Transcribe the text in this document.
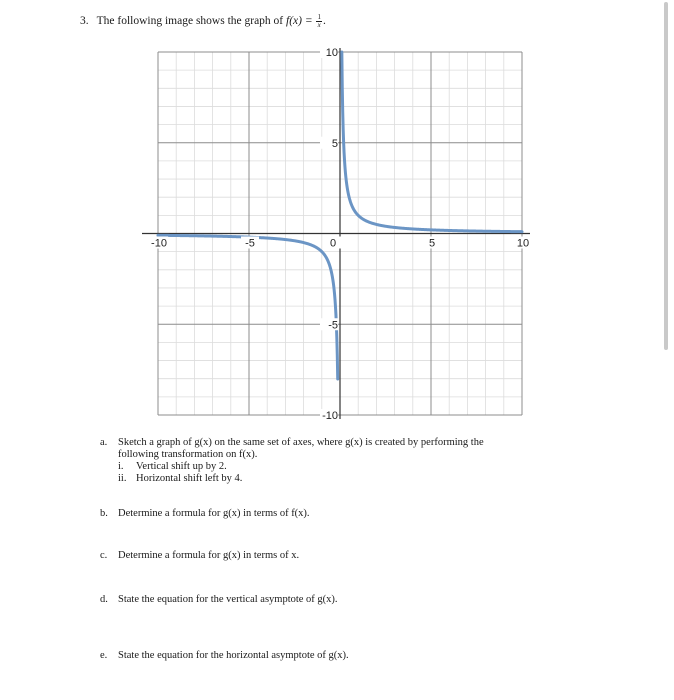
3. The following image shows the graph of $f(x) = \frac{1}{x}$ .
-10	-5	0	5	10
10
5
-5
-10
a. Sketch a graph of g(x) on the same set of axes, where g(x) is created by performing the
following transformation on f(x).
i. Vertical shift up by 2.
ii. Horizontal shift left by 4.
b. Determine a formula for g(x) in terms of f(x).
c. Determine a formula for g(x) in terms of x.
d. State the equation for the vertical asymptote of g(x).
e. State the equation for the horizontal asymptote of g(x).
